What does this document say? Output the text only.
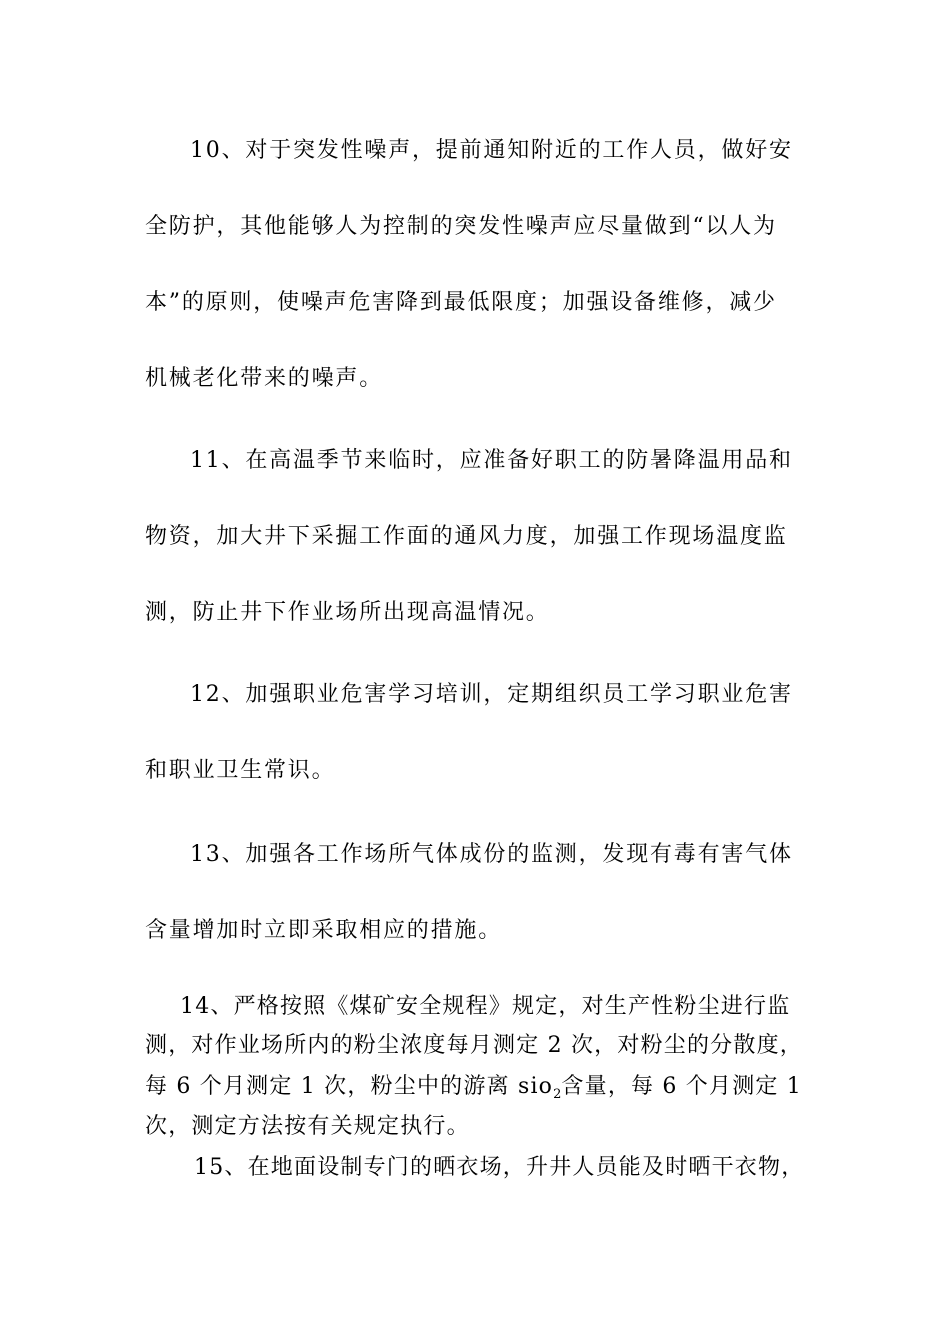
10、对于突发性噪声，提前通知附近的工作人员，做好安
全防护，其他能够人为控制的突发性噪声应尽量做到“以人为
本”的原则，使噪声危害降到最低限度；加强设备维修，减少
机械老化带来的噪声。
11、在高温季节来临时，应准备好职工的防暑降温用品和
物资，加大井下采掘工作面的通风力度，加强工作现场温度监
测，防止井下作业场所出现高温情况。
12、加强职业危害学习培训，定期组织员工学习职业危害
和职业卫生常识。
13、加强各工作场所气体成份的监测，发现有毒有害气体
含量增加时立即采取相应的措施。
14、严格按照《煤矿安全规程》规定，对生产性粉尘进行监
测，对作业场所内的粉尘浓度每月测定 2 次，对粉尘的分散度，
每 6 个月测定 1 次，粉尘中的游离 sio$_2$含量，每 6 个月测定 1
次，测定方法按有关规定执行。
15、在地面设制专门的晒衣场，升井人员能及时晒干衣物，
